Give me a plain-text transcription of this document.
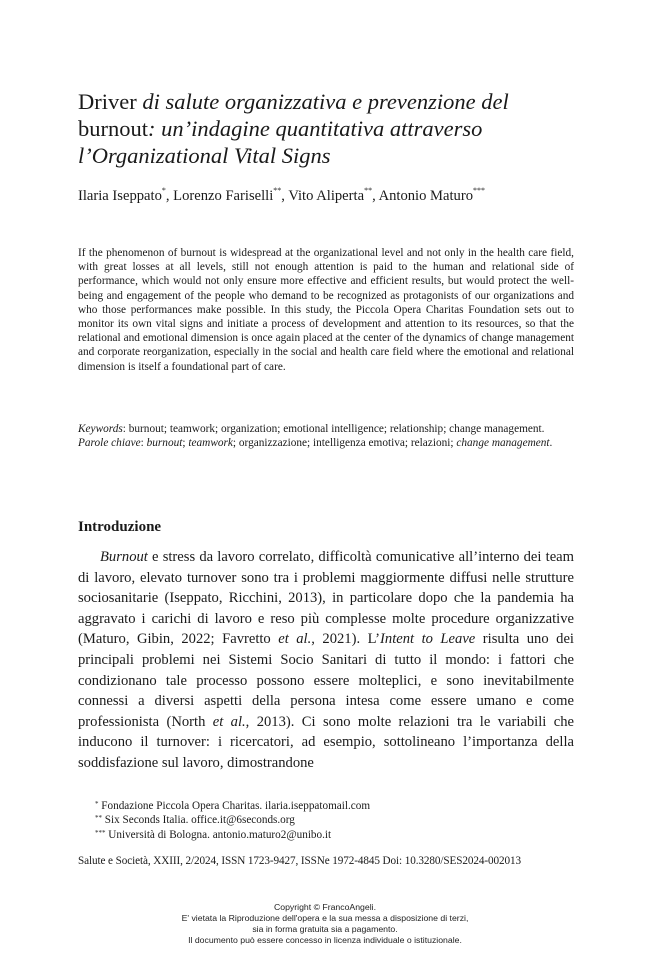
Driver di salute organizzativa e prevenzione del
burnout: un’indagine quantitativa attraverso
l’Organizational Vital Signs

Ilaria Iseppato*, Lorenzo Fariselli**, Vito Aliperta**, Antonio Maturo***

If the phenomenon of burnout is widespread at the organizational level and not only in the health care field, with great losses at all levels, still not enough attention is paid to the human and relational side of performance, which would not only ensure more effective and efficient results, but would protect the well-being and engagement of the people who demand to be recognized as protagonists of our organizations and who those performances make possible. In this study, the Piccola Opera Charitas Foundation sets out to monitor its own vital signs and initiate a process of development and attention to its resources, so that the relational and emotional dimension is once again placed at the center of the dynamics of change management and corporate reorganization, especially in the social and health care field where the emotional and relational dimension is itself a foundational part of care.

Keywords: burnout; teamwork; organization; emotional intelligence; relationship; change management.

Parole chiave: burnout; teamwork; organizzazione; intelligenza emotiva; relazioni; change management.

Introduzione

Burnout e stress da lavoro correlato, difficoltà comunicative all’interno dei team di lavoro, elevato turnover sono tra i problemi maggiormente diffusi nelle strutture sociosanitarie (Iseppato, Ricchini, 2013), in particolare dopo che la pandemia ha aggravato i carichi di lavoro e reso più complesse molte procedure organizzative (Maturo, Gibin, 2022; Favretto et al., 2021). L’Intent to Leave risulta uno dei principali problemi nei Sistemi Socio Sanitari di tutto il mondo: i fattori che condizionano tale processo possono essere molteplici, e sono inevitabilmente connessi a diversi aspetti della persona intesa come essere umano e come professionista (North et al., 2013). Ci sono molte relazioni tra le variabili che inducono il turnover: i ricercatori, ad esempio, sottolineano l’importanza della soddisfazione sul lavoro, dimostrandone

* Fondazione Piccola Opera Charitas. ilaria.iseppatomail.com
** Six Seconds Italia. office.it@6seconds.org
*** Università di Bologna. antonio.maturo2@unibo.it

Salute e Società, XXIII, 2/2024, ISSN 1723-9427, ISSNe 1972-4845 Doi: 10.3280/SES2024-002013

Copyright © FrancoAngeli.
E' vietata la Riproduzione dell'opera e la sua messa a disposizione di terzi,
sia in forma gratuita sia a pagamento.
Il documento può essere concesso in licenza individuale o istituzionale.
